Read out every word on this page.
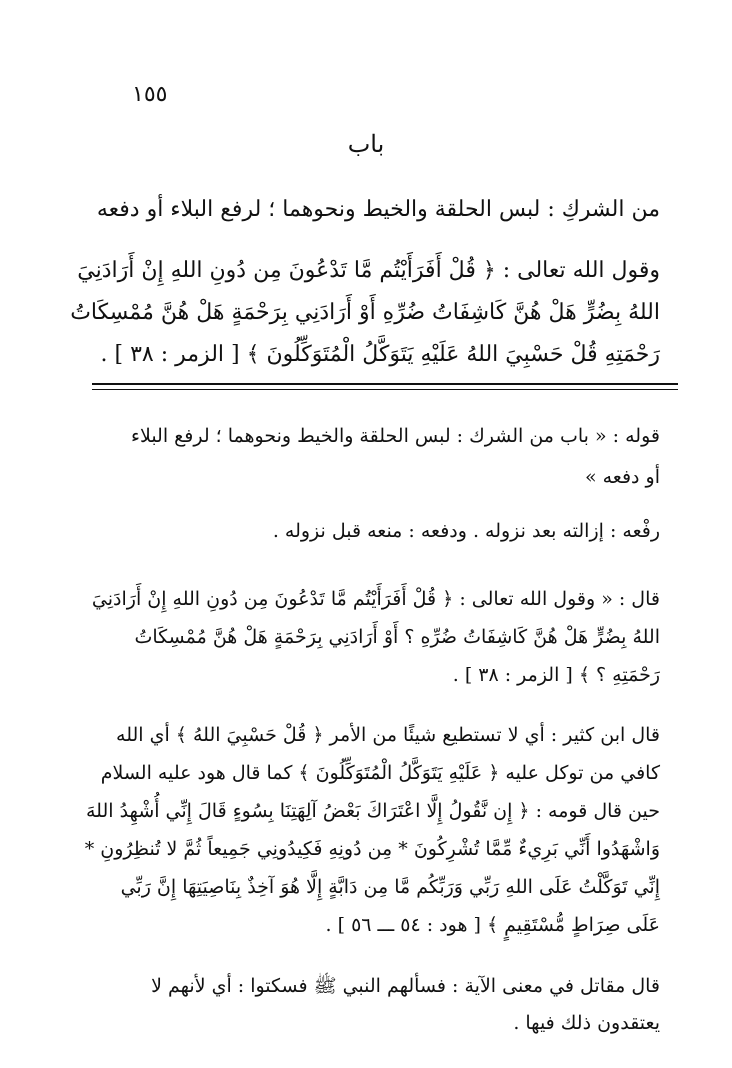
١٥٥
باب
من الشركِ : لبس الحلقة والخيط ونحوهما ؛ لرفع البلاء أو دفعه
وقول الله تعالى : ﴿ قُلْ أَفَرَأَيْتُم مَّا تَدْعُونَ مِن دُونِ اللهِ إِنْ أَرَادَنِيَ
اللهُ بِضُرٍّ هَلْ هُنَّ كَاشِفَاتُ ضُرِّهِ أَوْ أَرَادَنِي بِرَحْمَةٍ هَلْ هُنَّ مُمْسِكَاتُ
رَحْمَتِهِ قُلْ حَسْبِيَ اللهُ عَلَيْهِ يَتَوَكَّلُ الْمُتَوَكِّلُونَ ﴾ [ الزمر : ٣٨ ] .
قوله : « باب من الشرك : لبس الحلقة والخيط ونحوهما ؛ لرفع البلاء
أو دفعه »
رفْعه : إزالته بعد نزوله . ودفعه : منعه قبل نزوله .
قال : « وقول الله تعالى : ﴿ قُلْ أَفَرَأَيْتُم مَّا تَدْعُونَ مِن دُونِ اللهِ إِنْ أَرَادَنِيَ
اللهُ بِضُرٍّ هَلْ هُنَّ كَاشِفَاتُ ضُرِّهِ ؟ أَوْ أَرَادَنِي بِرَحْمَةٍ هَلْ هُنَّ مُمْسِكَاتُ
رَحْمَتِهِ ؟ ﴾ [ الزمر : ٣٨ ] .
قال ابن كثير : أي لا تستطيع شيئًا من الأمر ﴿ قُلْ حَسْبِيَ اللهُ ﴾ أي الله
كافي من توكل عليه ﴿ عَلَيْهِ يَتَوَكَّلُ الْمُتَوَكِّلُونَ ﴾ كما قال هود عليه السلام
حين قال قومه : ﴿ إِن نَّقُولُ إِلَّا اعْتَرَاكَ بَعْضُ آلِهَتِنَا بِسُوءٍ قَالَ إِنِّي أُشْهِدُ اللهَ
وَاشْهَدُوا أَنِّي بَرِيءٌ مِّمَّا تُشْرِكُونَ * مِن دُونِهِ فَكِيدُونِي جَمِيعاً ثُمَّ لا تُنظِرُونِ *
إِنِّي تَوَكَّلْتُ عَلَى اللهِ رَبِّي وَرَبِّكُم مَّا مِن دَابَّةٍ إِلَّا هُوَ آخِذٌ بِنَاصِيَتِهَا إِنَّ رَبِّي
عَلَى صِرَاطٍ مُّسْتَقِيمٍ ﴾ [ هود : ٥٤ ـــ ٥٦ ] .
قال مقاتل في معنى الآية : فسألهم النبي ﷺ فسكتوا : أي لأنهم لا
يعتقدون ذلك فيها .
